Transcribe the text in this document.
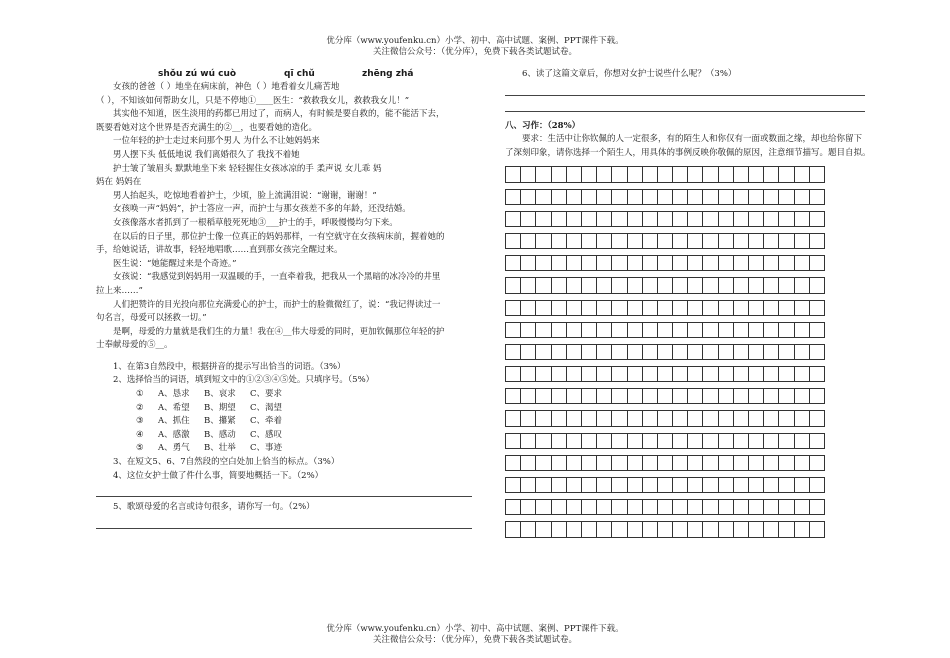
优分库（www.youfenku.cn）小学、初中、高中试题、案例、PPT课件下载。
关注微信公众号：（优分库），免费下载各类试题试卷。
shǒu zú wú cuò	qī chǔ	zhēng zhá

女孩的爸爸（ ）地坐在病床前，神色（ ）地看着女儿痛苦地

（ ），不知该如何帮助女儿，只是不停地①____医生：“救救我女儿，救救我女儿！”

其实他不知道，医生淡用的药都已用过了，而病人，有时候是要自救的，能不能活下去，

既要看她对这个世界是否充满生的②__，也要看她的造化。

一位年轻的护士走过来问那个男人 为什么不让她妈妈来

男人摆下头 低低地说 我们离婚很久了 我找不着她

护士皱了皱眉头 默默地坐下来 轻轻握住女孩冰凉的手 柔声说 女儿乖 妈

妈在 妈妈在

男人抬起头，吃惊地看着护士，少顷，脸上流满泪说：“谢谢，谢谢！”

女孩唤一声“妈妈”，护士答应一声，而护士与那女孩差不多的年龄，还没结婚。

女孩像落水者抓到了一根稻草般死死地③___护士的手，呼吸慢慢均匀下来。

在以后的日子里，那位护士像一位真正的妈妈那样，一有空就守在女孩病床前，握着她的

手，给她说话，讲故事，轻轻地唱歌……直到那女孩完全醒过来。

医生说：“她能醒过来是个奇迹。”

女孩说：“我感觉到妈妈用一双温暖的手，一直牵着我，把我从一个黑暗的冰冷冷的井里

拉上来……”

人们把赞许的目光投向那位充满爱心的护士，而护士的脸微微红了，说：“我记得读过一

句名言，母爱可以拯救一切。”

是啊，母爱的力量就是我们生的力量！我在④__伟大母爱的同时，更加钦佩那位年轻的护

士奉献母爱的⑤__。

1、在第3自然段中，根据拼音的提示写出恰当的词语。（3%）

2、选择恰当的词语，填到短文中的①②③④⑤处。只填序号。（5%）

① A、恳求 B、哀求 C、要求
② A、希望 B、期望 C、渴望
③ A、抓住 B、攥紧 C、牵着
④ A、感激 B、感动 C、感叹
⑤ A、勇气 B、壮举 C、事迹

3、在短文5、6、7自然段的空白处加上恰当的标点。（3%）

4、这位女护士做了件什么事，简要地概括一下。（2%）

5、歌颂母爱的名言或诗句很多，请你写一句。（2%）

6、读了这篇文章后，你想对女护士说些什么呢？（3%）

八、习作：（28%）

要求：生活中让你钦佩的人一定很多，有的陌生人和你仅有一面或数面之缘，却也给你留下

了深刻印象，请你选择一个陌生人，用具体的事例反映你敬佩的原因，注意细节描写。题目自拟。

优分库（www.youfenku.cn）小学、初中、高中试题、案例、PPT课件下载。
关注微信公众号：（优分库），免费下载各类试题试卷。
